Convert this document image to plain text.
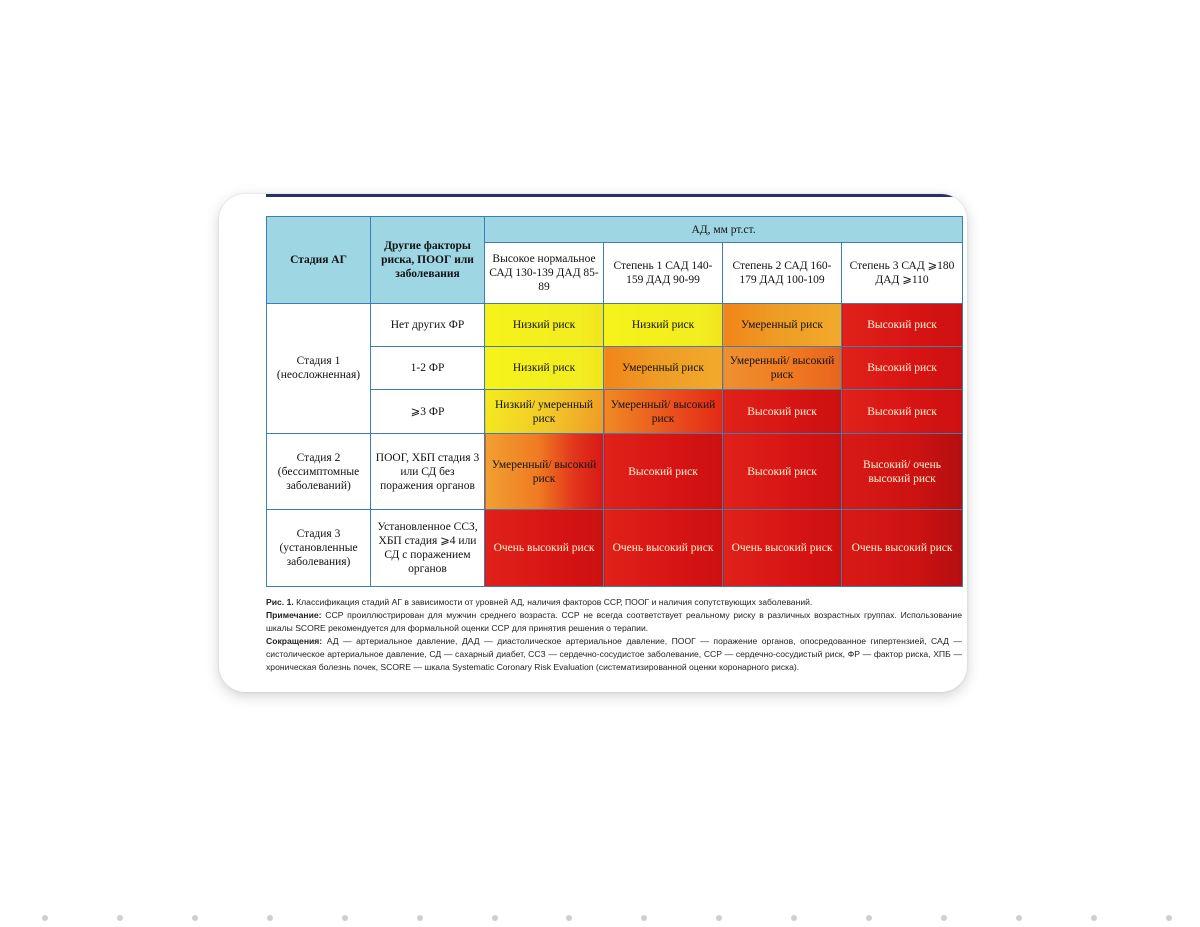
Стадия АГ	Другие факторы риска, ПООГ или заболевания	АД, мм рт.ст.			
		Высокое нормальное САД 130-139 ДАД 85-89	Степень 1 САД 140-159 ДАД 90-99	Степень 2 САД 160-179 ДАД 100-109	Степень 3 САД ⩾180 ДАД ⩾110
Стадия 1 (неосложненная)	Нет других ФР	Низкий риск	Низкий риск	Умеренный риск	Высокий риск
	1-2 ФР	Низкий риск	Умеренный риск	Умеренный/ высокий риск	Высокий риск
	⩾3 ФР	Низкий/ умеренный риск	Умеренный/ высокий риск	Высокий риск	Высокий риск
Стадия 2 (бессимптомные заболеваний)	ПООГ, ХБП стадия 3 или СД без поражения органов	Умеренный/ высокий риск	Высокий риск	Высокий риск	Высокий/ очень высокий риск
Стадия 3 (установленные заболевания)	Установленное ССЗ, ХБП стадия ⩾4 или СД с поражением органов	Очень высокий риск	Очень высокий риск	Очень высокий риск	Очень высокий риск

Рис. 1. Классификация стадий АГ в зависимости от уровней АД, наличия факторов ССР, ПООГ и наличия сопутствующих заболеваний.

Примечание: ССР проиллюстрирован для мужчин среднего возраста. ССР не всегда соответствует реальному риску в различных возрастных группах. Использование шкалы SCORE рекомендуется для формальной оценки ССР для принятия решения о терапии.

Сокращения: АД — артериальное давление, ДАД — диастолическое артериальное давление, ПООГ — поражение органов, опосредованное гипертензией, САД — систолическое артериальное давление, СД — сахарный диабет, ССЗ — сердечно-сосудистое заболевание, ССР — сердечно-сосудистый риск, ФР — фактор риска, ХПБ — хроническая болезнь почек, SCORE — шкала Systematic Coronary Risk Evaluation (систематизированной оценки коронарного риска).
